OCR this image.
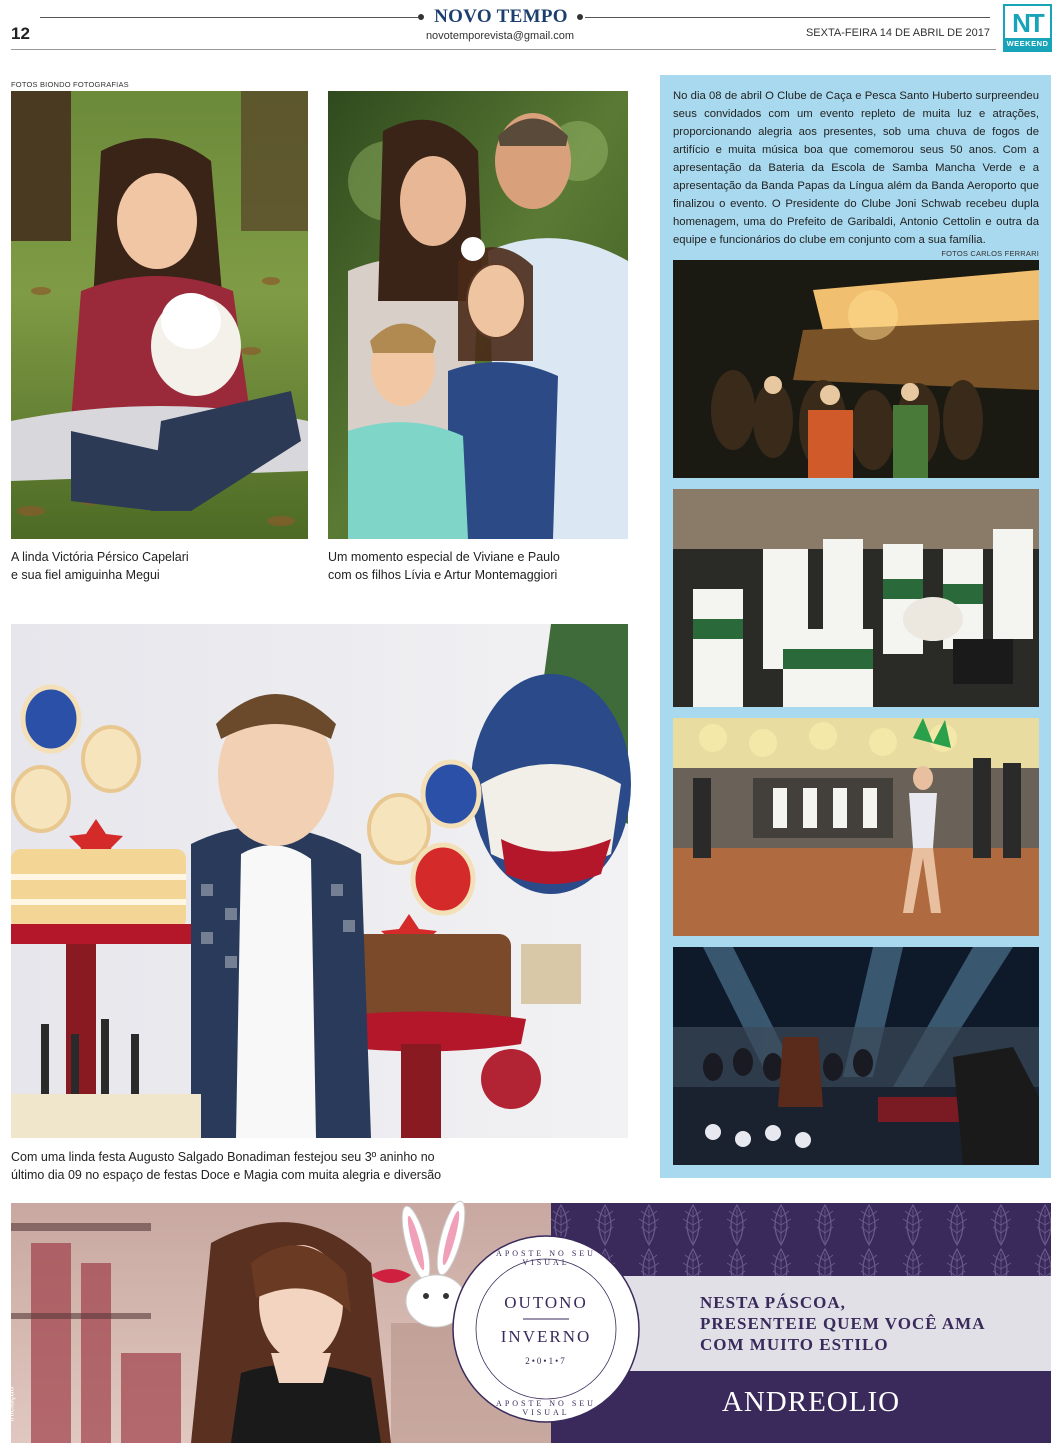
12
NOVO TEMPO
novotemporevista@gmail.com	SEXTA-FEIRA 14 DE ABRIL DE 2017 NT
WEEKEND
FOTOS BIONDO FOTOGRAFIAS
A linda Victória Pérsico Capelari
e sua fiel amiguinha Megui
Um momento especial de Viviane e Paulo
com os filhos Lívia e Artur Montemaggiori
Com uma linda festa Augusto Salgado Bonadiman festejou seu 3º aninho no
último dia 09 no espaço de festas Doce e Magia com muita alegria e diversão
No dia 08 de abril O Clube de Caça e Pesca Santo Huberto surpreendeu seus convidados com um evento repleto de muita luz e atrações, proporcionando alegria aos presentes, sob uma chuva de fogos de artifício e muita música boa que comemorou seus 50 anos. Com a apresentação da Bateria da Escola de Samba Mancha Verde e a apresentação da Banda Papas da Língua além da Banda Aeroporto que finalizou o evento. O Presidente do Clube Joni Schwab recebeu dupla homenagem, uma do Prefeito de Garibaldi, Antonio Cettolin e outra da equipe e funcionários do clube em conjunto com a sua família.
FOTOS CARLOS FERRARI
OUTONO
INVERNO
2•0•1•7
APOSTE NO SEU VISUAL
APOSTE NO SEU VISUAL
NESTA PÁSCOA,
PRESENTEIE QUEM VOCÊ AMA
COM MUITO ESTILO
ANDREOLIO
iniciação
